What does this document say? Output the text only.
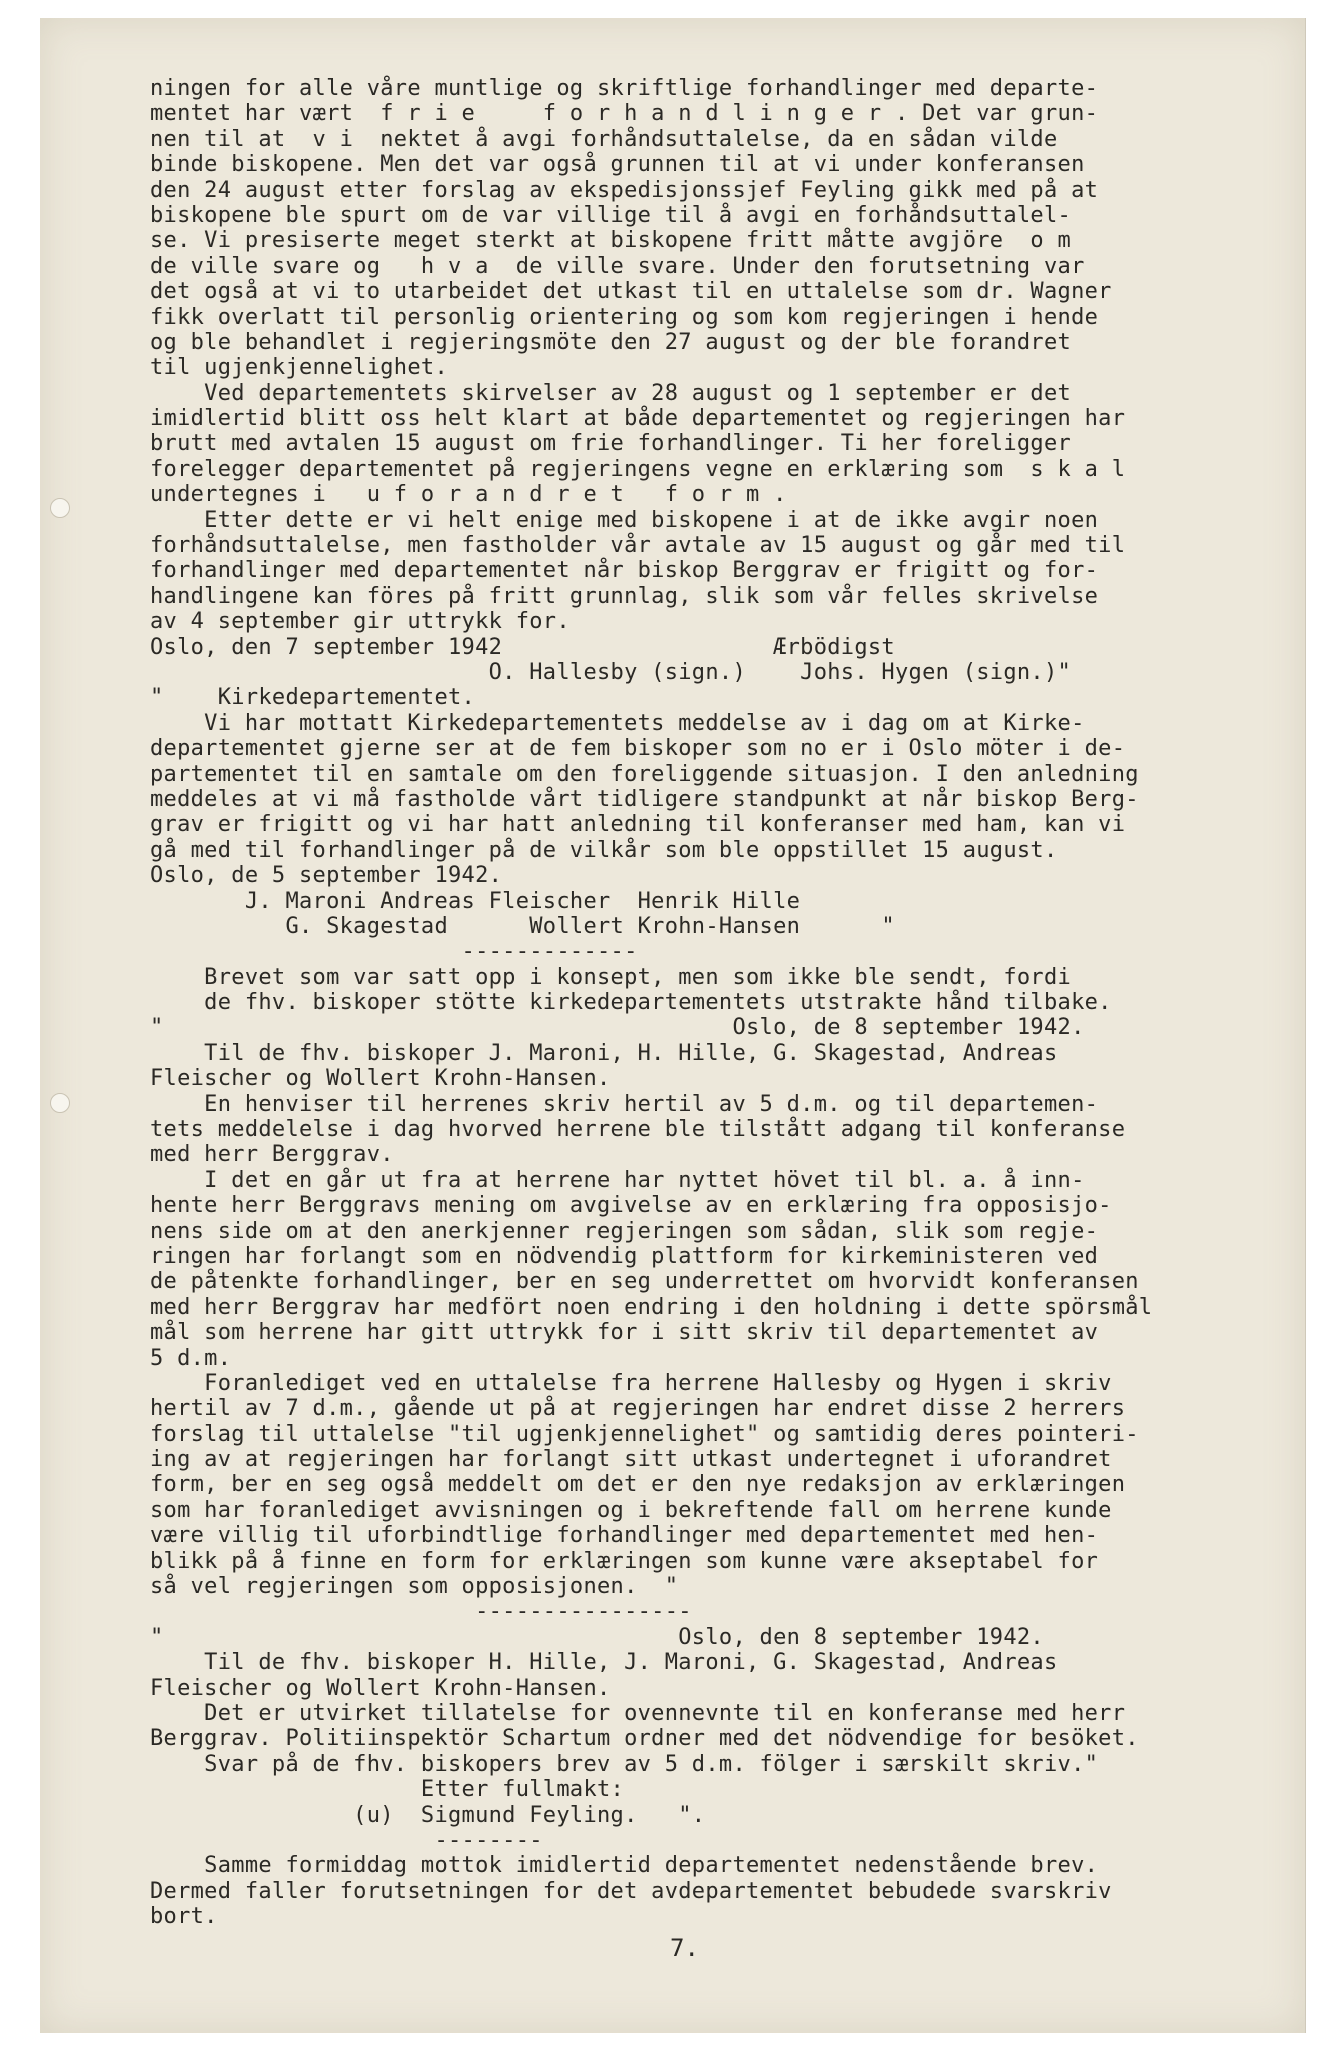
ningen for alle våre muntlige og skriftlige forhandlinger med departe-
mentet har vært  f r i e     f o r h a n d l i n g e r . Det var grun-
nen til at  v i  nektet å avgi forhåndsuttalelse, da en sådan vilde
binde biskopene. Men det var også grunnen til at vi under konferansen
den 24 august etter forslag av ekspedisjonssjef Feyling gikk med på at
biskopene ble spurt om de var villige til å avgi en forhåndsuttalel-
se. Vi presiserte meget sterkt at biskopene fritt måtte avgjöre  o m
de ville svare og   h v a  de ville svare. Under den forutsetning var
det også at vi to utarbeidet det utkast til en uttalelse som dr. Wagner
fikk overlatt til personlig orientering og som kom regjeringen i hende
og ble behandlet i regjeringsmöte den 27 august og der ble forandret
til ugjenkjennelighet.
Ved departementets skirvelser av 28 august og 1 september er det
imidlertid blitt oss helt klart at både departementet og regjeringen har
brutt med avtalen 15 august om frie forhandlinger. Ti her foreligger
forelegger departementet på regjeringens vegne en erklæring som  s k a l
undertegnes i   u f o r a n d r e t   f o r m .
Etter dette er vi helt enige med biskopene i at de ikke avgir noen
forhåndsuttalelse, men fastholder vår avtale av 15 august og går med til
forhandlinger med departementet når biskop Berggrav er frigitt og for-
handlingene kan föres på fritt grunnlag, slik som vår felles skrivelse
av 4 september gir uttrykk for.
Oslo, den 7 september 1942                    Ærbödigst
O. Hallesby (sign.)    Johs. Hygen (sign.)"
"    Kirkedepartementet.
Vi har mottatt Kirkedepartementets meddelse av i dag om at Kirke-
departementet gjerne ser at de fem biskoper som no er i Oslo möter i de-
partementet til en samtale om den foreliggende situasjon. I den anledning
meddeles at vi må fastholde vårt tidligere standpunkt at når biskop Berg-
grav er frigitt og vi har hatt anledning til konferanser med ham, kan vi
gå med til forhandlinger på de vilkår som ble oppstillet 15 august.
Oslo, de 5 september 1942.
J. Maroni Andreas Fleischer  Henrik Hille
G. Skagestad      Wollert Krohn-Hansen      "
-------------
Brevet som var satt opp i konsept, men som ikke ble sendt, fordi
de fhv. biskoper stötte kirkedepartementets utstrakte hånd tilbake.
"                                          Oslo, de 8 september 1942.
Til de fhv. biskoper J. Maroni, H. Hille, G. Skagestad, Andreas
Fleischer og Wollert Krohn-Hansen.
En henviser til herrenes skriv hertil av 5 d.m. og til departemen-
tets meddelelse i dag hvorved herrene ble tilstått adgang til konferanse
med herr Berggrav.
I det en går ut fra at herrene har nyttet hövet til bl. a. å inn-
hente herr Berggravs mening om avgivelse av en erklæring fra opposisjo-
nens side om at den anerkjenner regjeringen som sådan, slik som regje-
ringen har forlangt som en nödvendig plattform for kirkeministeren ved
de påtenkte forhandlinger, ber en seg underrettet om hvorvidt konferansen
med herr Berggrav har medfört noen endring i den holdning i dette spörsmål
mål som herrene har gitt uttrykk for i sitt skriv til departementet av
5 d.m.
Foranlediget ved en uttalelse fra herrene Hallesby og Hygen i skriv
hertil av 7 d.m., gående ut på at regjeringen har endret disse 2 herrers
forslag til uttalelse "til ugjenkjennelighet" og samtidig deres pointeri-
ing av at regjeringen har forlangt sitt utkast undertegnet i uforandret
form, ber en seg også meddelt om det er den nye redaksjon av erklæringen
som har foranlediget avvisningen og i bekreftende fall om herrene kunde
være villig til uforbindtlige forhandlinger med departementet med hen-
blikk på å finne en form for erklæringen som kunne være akseptabel for
så vel regjeringen som opposisjonen.  "
----------------
"                                      Oslo, den 8 september 1942.
Til de fhv. biskoper H. Hille, J. Maroni, G. Skagestad, Andreas
Fleischer og Wollert Krohn-Hansen.
Det er utvirket tillatelse for ovennevnte til en konferanse med herr
Berggrav. Politiinspektör Schartum ordner med det nödvendige for besöket.
Svar på de fhv. biskopers brev av 5 d.m. fölger i særskilt skriv."
Etter fullmakt:
(u)  Sigmund Feyling.   ".
--------
Samme formiddag mottok imidlertid departementet nedenstående brev.
Dermed faller forutsetningen for det avdepartementet bebudede svarskriv
bort.
7.
